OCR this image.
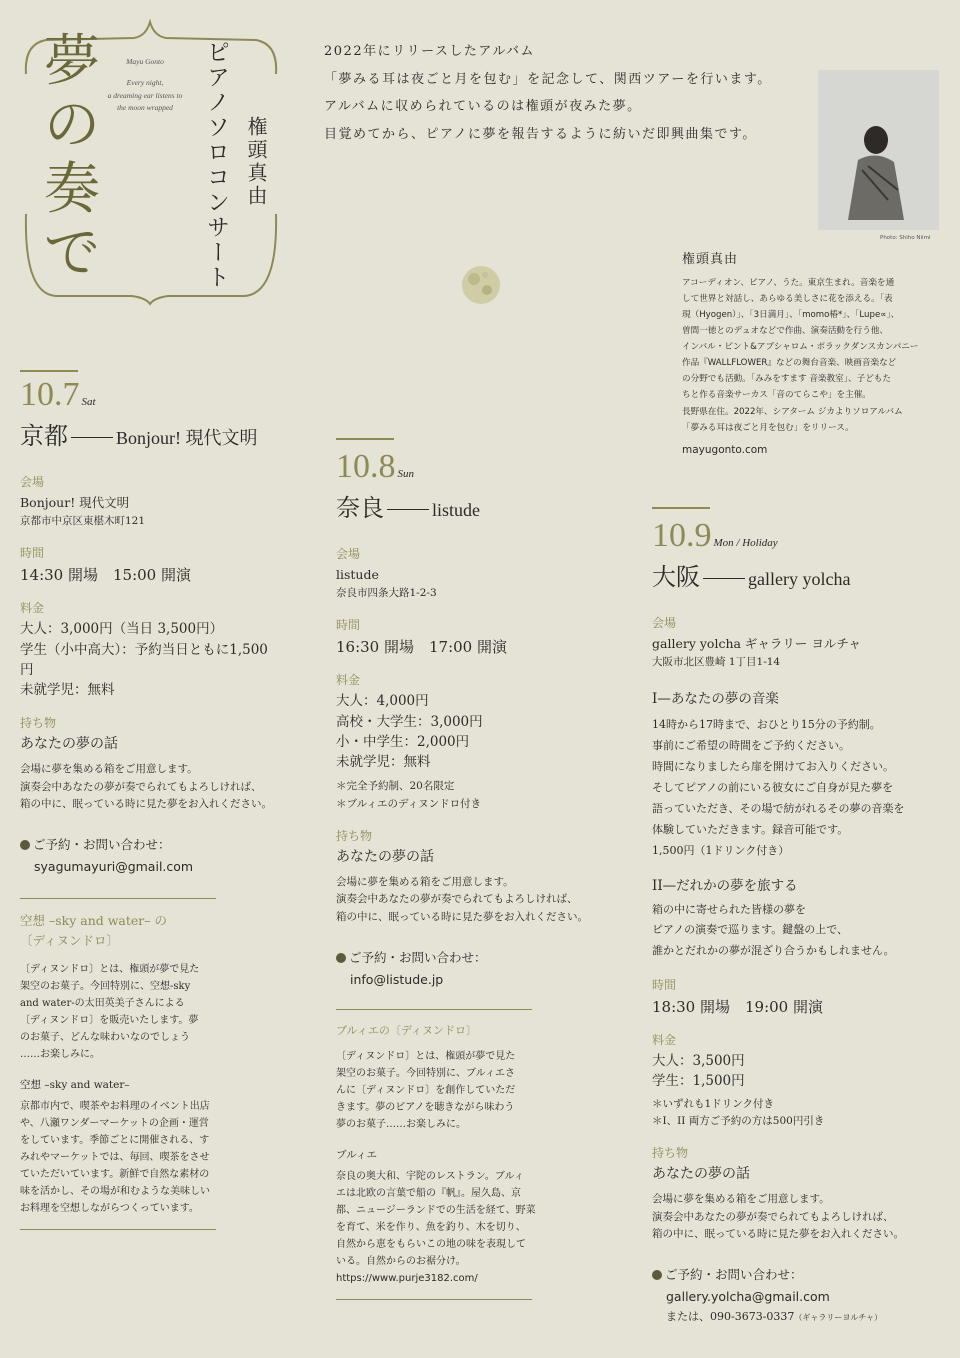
夢の奏で
Mayu Gonto
Every night,
a dreaming ear listens to
the moon wrapped	ピアノソロコンサート 権頭真由
2022年にリリースしたアルバム
「夢みる耳は夜ごと月を包む」を記念して、関西ツアーを行います。
アルバムに収められているのは権頭が夜みた夢。
目覚めてから、ピアノに夢を報告するように紡いだ即興曲集です。
Photo: Shiho Niimi
権頭真由
アコーディオン、ピアノ、うた。東京生まれ。音楽を通
して世界と対話し、あらゆる美しさに花を添える。「表
現（Hyogen）」、「3日満月」、「momo椿*」、「Lupe∝」、
曽間一徳とのデュオなどで作曲、演奏活動を行う他、
インバル・ピント&アブシャロム・ポラックダンスカンパニー
作品『WALLFLOWER』などの舞台音楽、映画音楽など
の分野でも活動。「みみをすます 音楽教室」、子どもた
ちと作る音楽サーカス「音のてらこや」を主催。
長野県在住。2022年、シアターム ジカよりソロアルバム
「夢みる耳は夜ごと月を包む」をリリース。
mayugonto.com
10.7 Sat
京都	Bonjour! 現代文明
会場
Bonjour! 現代文明
京都市中京区東椹木町121
時間
14:30 開場　15:00 開演
料金
大人：3,000円（当日 3,500円）
学生（小中高大）：予約当日ともに1,500円
未就学児：無料
持ち物
あなたの夢の話
会場に夢を集める箱をご用意します。
演奏会中あなたの夢が奏でられてもよろしければ、
箱の中に、眠っている時に見た夢をお入れください。
ご予約・お問い合わせ：
syagumayuri@gmail.com
空想 –sky and water– の
〔ディヌンドロ〕
〔ディヌンドロ〕とは、権頭が夢で見た
架空のお菓子。今回特別に、空想-sky
and water-の太田英美子さんによる
〔ディヌンドロ〕を販売いたします。夢
のお菓子、どんな味わいなのでしょう
……お楽しみに。
空想 –sky and water–
京都市内で、喫茶やお料理のイベント出店
や、八瀬ワンダーマーケットの企画・運営
をしています。季節ごとに開催される、す
みれやマーケットでは、毎回、喫茶をさせ
ていただいています。新鮮で自然な素材の
味を活かし、その場が和むような美味しい
お料理を空想しながらつくっています。
10.8 Sun
奈良	listude
会場
listude
奈良市四条大路1-2-3
時間
16:30 開場　17:00 開演
料金
大人：4,000円
高校・大学生：3,000円
小・中学生：2,000円
未就学児：無料
＊完全予約制、20名限定
＊ブルィエのディヌンドロ付き
持ち物
あなたの夢の話
会場に夢を集める箱をご用意します。
演奏会中あなたの夢が奏でられてもよろしければ、
箱の中に、眠っている時に見た夢をお入れください。
ご予約・お問い合わせ：
info@listude.jp
ブルィエの〔ディヌンドロ〕
〔ディヌンドロ〕とは、権頭が夢で見た
架空のお菓子。今回特別に、ブルィエさ
んに〔ディヌンドロ〕を創作していただ
きます。夢のピアノを聴きながら味わう
夢のお菓子……お楽しみに。
ブルィエ
奈良の奥大和、宇陀のレストラン。ブルィ
エは北欧の言葉で船の『帆』。屋久島、京
都、ニュージーランドでの生活を経て、野菜
を育て、米を作り、魚を釣り、木を切り、
自然から恵をもらいこの地の味を表現して
いる。自然からのお裾分け。
https://www.purje3182.com/
10.9 Mon / Holiday
大阪	gallery yolcha
会場
gallery yolcha ギャラリー ヨルチャ
大阪市北区豊崎 1丁目1-14
I—あなたの夢の音楽
14時から17時まで、おひとり15分の予約制。
事前にご希望の時間をご予約ください。
時間になりましたら扉を開けてお入りください。
そしてピアノの前にいる彼女にご自身が見た夢を
語っていただき、その場で紡がれるその夢の音楽を
体験していただきます。録音可能です。
1,500円（1ドリンク付き）
II—だれかの夢を旅する
箱の中に寄せられた皆様の夢を
ピアノの演奏で巡ります。鍵盤の上で、
誰かとだれかの夢が混ざり合うかもしれません。
時間
18:30 開場　19:00 開演
料金
大人：3,500円
学生：1,500円
＊いずれも1ドリンク付き
＊I、II 両方ご予約の方は500円引き
持ち物
あなたの夢の話
会場に夢を集める箱をご用意します。
演奏会中あなたの夢が奏でられてもよろしければ、
箱の中に、眠っている時に見た夢をお入れください。
ご予約・お問い合わせ：
gallery.yolcha@gmail.com
または、090-3673-0337（ギャラリーヨルチャ）
